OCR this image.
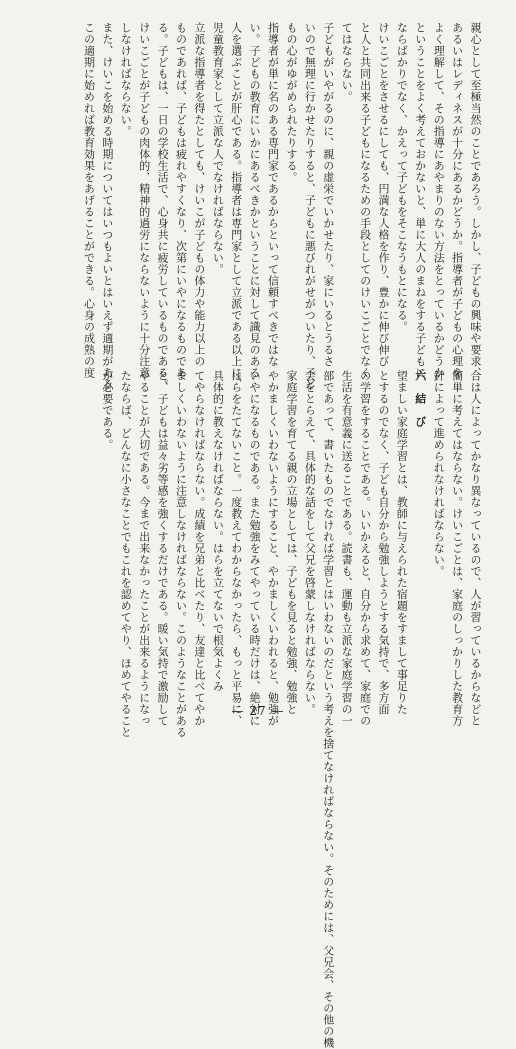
親心として至極当然のことであろう。しかし、子どもの興味や要求、
あるいはレディネスが十分にあるかどうか。指導者が子どもの心理を
よく理解して、その指導にあやまりのない方法をとっているかどうか
ということをよく考えておかないと、単に大人のまねをする子どもに
ならばかりでなく、かえって子どもをそこなうもとになる。
けいこごとをさせるにしても、円満な人格を作り、豊かに伸び伸び
と人と共同出来る子どもになるための手段としてのけいこごとでなく
てはならない。
子どもがいやがるのに、親の虚栄でいかせたり、家にいるとうるさ
いので無理に行かせたりすると、子どもに悪びれがせがついたり、子ど
もの心がゆがめられたりする。
指導者が単に名のある専門家であるからといって信頼すべきではな
い。子どもの教育にいかにあるべきかということに対して識見のある
人を選ぶことが肝心である。指導者は専門家として立派である以上に、
児童教育家として立派な人でなければならない。
立派な指導者を得たとしても、けいこが子どもの体力や能力以上の
ものであれば、子どもは疲れやすくなり、次第にいやになるものであ
る。子どもは、一日の学校生活で、心身共に疲労しているものである。
けいこごとが子どもの肉体的、精神的過労にならないように十分注意
しなければならない。
また、けいこを始める時期についてはいつもよいとはいえず適期がある
この適期に始めれば教育効果をあげることができる。心身の成熟の度
合は人によってかなり異なっているので、人が習っているからなどと
簡単に考えてはならない。けいこごとは、家庭のしっかりした教育方
針によって進められなければならない。
六　結　び
望ましい家庭学習とは、教師に与えられた宿題をすまして事足りた
とするのでなく、子ども自分から勉強しようとする気持で、多方面
の学習をすることである。いいかえると、自分から求めて、家庭での
生活を有意義に送ることである。読書も、運動も立派な家庭学習の一
部であって、書いたものでなければ学習とはいわないのだという考えを捨てなければならない。そのためには、父兄会、その他の機
会をとらえて、具体的な話をして父兄を啓蒙しなければならない。
家庭学習を育てる親の立場としては、子どもを見ると勉強、勉強と
やかましくいわないようにすること、やかましくいわれると、勉強が
いやになるものである。また勉強をみてやっている時だけは、絶対に
はらをたてないこと。一度教えてわからなかったら、もっと平易に、
具体的に教えなければならない。はらを立てないで根気よくみ
てやらなければならない。成績を兄弟と比べたり、友達と比べてやか
ましくいわないように注意しなければならない。このようなことがある
と、子どもは益々劣等感を強くするだけである。暖い気持で激励して
やることが大切である。今まで出来なかったことが出来るようになっ
たならば、どんなに小さなことでもこれを認めてやり、ほめてやること
が必要である。
— 27 —
